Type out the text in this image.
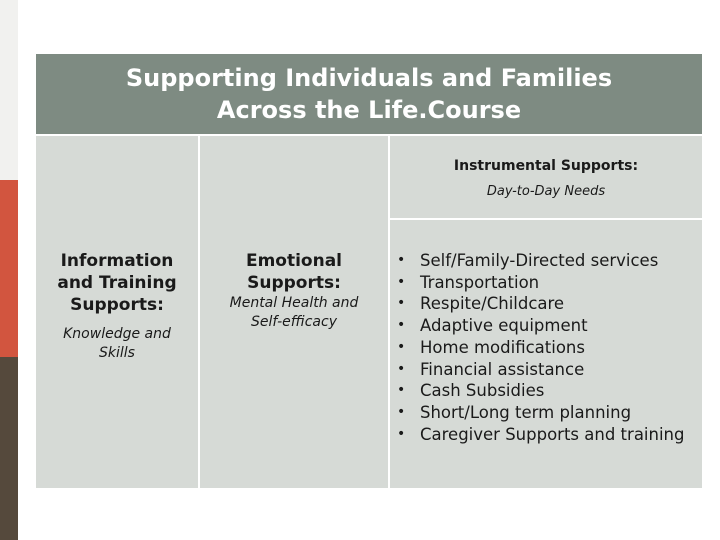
Supporting Individuals and Families
Across the Life.Course
Instrumental Supports:
Day-to-Day Needs
Information
and Training
Supports:
Knowledge and
Skills
Emotional
Supports:
Mental Health and
Self-efficacy
• Self/Family-Directed services
• Transportation
• Respite/Childcare
• Adaptive equipment
• Home modifications
• Financial assistance
• Cash Subsidies
• Short/Long term planning
• Caregiver Supports and training
